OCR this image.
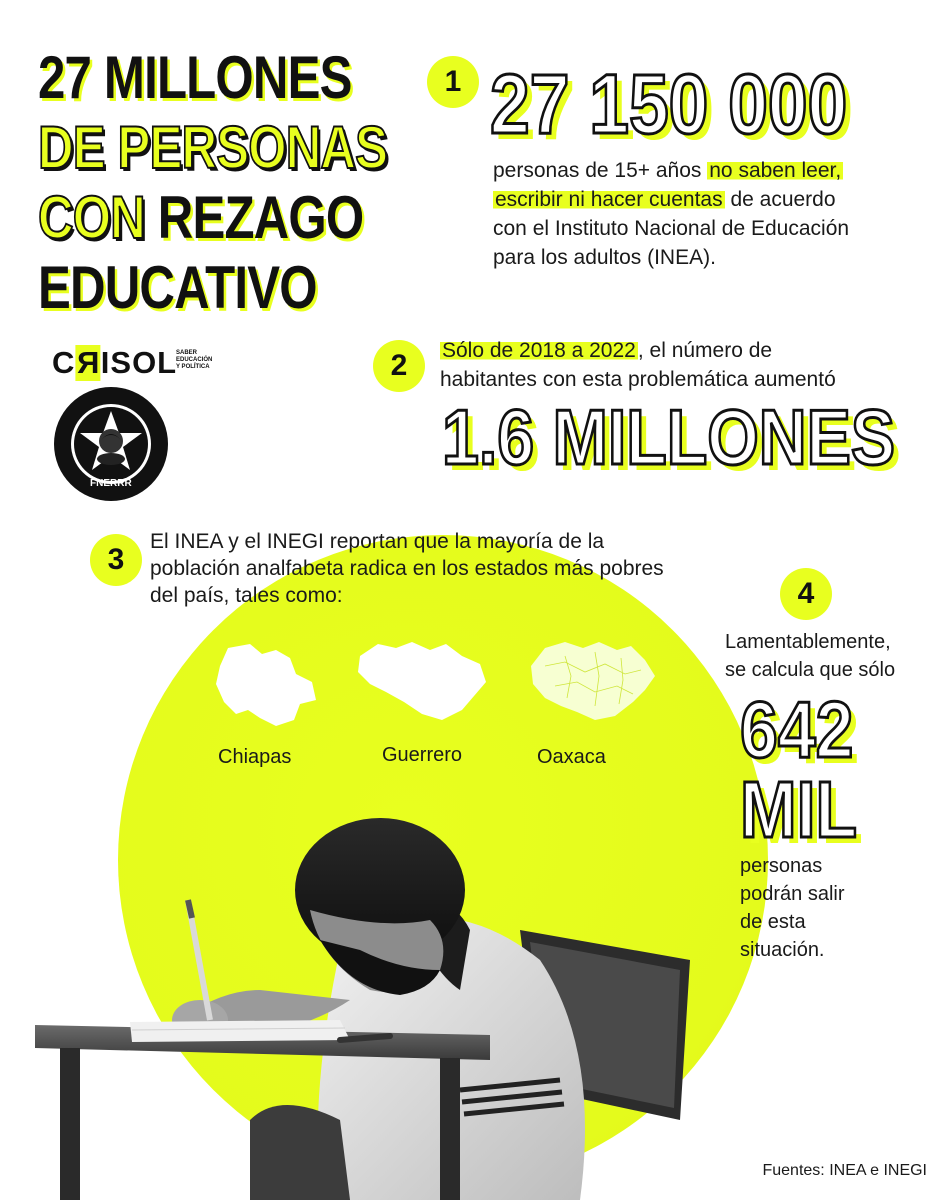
27 MILLONES
DE PERSONAS
CON REZAGO
EDUCATIVO
CRISOL
SABER EDUCACIÓN Y POLÍTICA
FNERRR
1 27 150 000
personas de 15+ años no saben leer,
escribir ni hacer cuentas de acuerdo
con el Instituto Nacional de Educación
para los adultos (INEA).
2	Sólo de 2018 a 2022, el número de
habitantes con esta problemática aumentó
1.6 MILLONES
3
El INEA y el INEGI reportan que la mayoría de la
población analfabeta radica en los estados más pobres
del país, tales como:
Chiapas	Guerrero	Oaxaca
4
Lamentablemente,
se calcula que sólo
642
MIL
personas
podrán salir
de esta
situación.
Fuentes: INEA e INEGI
